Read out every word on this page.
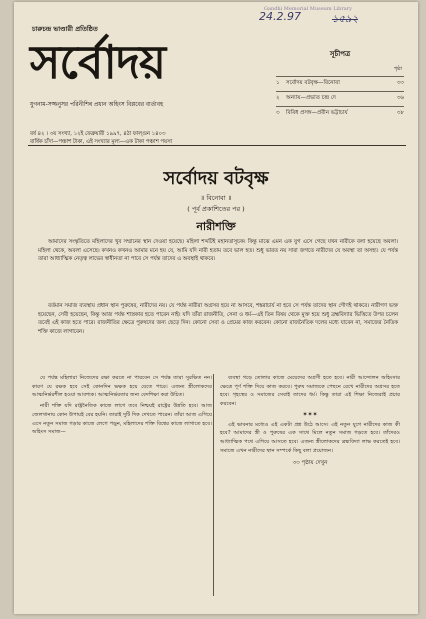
Gandhi Memorial Museum Library
24.2.97	১৫৯২
চারুচন্দ্র ভাণ্ডারী প্রতিষ্ঠিত
সর্বোদয়
যুগনাম-সজ্জনুসর পরিনীশিৰ প্রধান অহিংস বিপ্লবের বার্তাবহ
বর্ষ ৪২ । ৩য় সংখ্যা, ১২ই ফেব্রুয়ারী ১৯৯৭, ৪ঠা ফাল্গুন ১৪০৩
বার্ষিক চাঁদা—পঞ্চাশ টাকা, এই সংখ্যার মূল্য—এক টাকা পঞ্চাশ পয়সা
সূচীপত্র
পৃষ্ঠা
১	সর্বোদয় বটবৃক্ষ—বিনোবা	৩৩
২	অন্যায়—প্রভাত চন্দ্র দে	৩৬
৩	বিবিধ প্রসঙ্গ—প্রবীন ভট্টাচার্য	৩৮
সর্বোদয় বটবৃক্ষ
॥ বিনোবা ॥
( পূর্ব প্রকাশিতের পর )
নারীশক্তি
আমাদের সংস্কৃতিতে মহিলাদের খুব সম্মানের স্থান দেওয়া হয়েছে। মহিলা শব্দটিই মহানতাসূচক। কিন্তু মাঝে এমন এক যুগ এসে গেছে যখন নারীকে বলা হয়েছে অবলা। মহিলা থেকে, অবলা এসেছে। কখনও কখনও আমার মনে হয় যে, আমি যদি নারী হতাম তবে ভাল হত। শুধু ভারত নয় সারা জগতে নারীদের যে অবস্থা তা অসহ্য। যে পর্যন্ত তারা আধ্যাত্মিক নেতৃত্ব লাভের স্বাধীনতা না পাবে সে পর্যন্ত তাদের এ অবস্থাই থাকবে।
বর্তমান সমাজ ব্যবস্থায় প্রধান স্থান পুরুষের, নারীদের নয়। যে পর্যন্ত নারীরা অগ্রসর হয়ে না আসবে, শঙ্করাচার্য না হবে সে পর্যন্ত তাদের স্থান গৌণই থাকবে। নারীগণ ভক্ত হয়েছেন, সেবী হয়েছেন, কিন্তু আজ পর্যন্ত শাস্ত্রকার হতে পারেন নাই। যদি তাঁরা রাজনীতি, সেনা ও ধর্ম—এই তিন বিষয় থেকে মুক্ত হয়ে শুধু ব্রহ্মবিদ্যার ভিত্তিতে উপর চলেন তবেই এই কাজ হতে পারে। রাজনীতির ক্ষেত্রে পুরুষদের জন্য ছেড়ে দিন। কোনো সেবা ও প্রেমের কাজ করবেন। কোনো রাজনৈতিক দলের মধ্যে যাবেন না, সমাজের নৈতিক শক্তি কাজে লাগাবেন।

যে পর্যন্ত মহিলারা নিজেদের রক্ষা করতে না পারবেন সে পর্যন্ত তারা সুরক্ষিত নন। কারণ যে রক্ষক হবে সেই কোনদিন ভক্ষক হয়ে যেতে পারে। এজন্য স্ত্রীলোকদের আত্মনির্ভরশীল হওয়া আবশ্যক। আত্মনির্ভরতার জন্য বেদশিক্ষা করা উচিত।

নারী শক্তি যদি রাষ্ট্রনৈতিক কাজে লাগে তবে নিশ্চয়ই রাষ্ট্রের উন্নতি হবে। আজ জেলখানায় কোন উপায়ই বের হয়নি। তারাই দুটি দিক দেখতে পারেন। তাঁরা আজ এগিয়ে এসে নতুন সমাজ গড়ার কাজে লেগে পড়ুন, মহিলাদের শক্তি বিশ্বের কাজে লাগাতে হবে। অহিংস সমাজ—

ব্যবস্থা গড়ে তোলার কাজে মেয়েদের অগ্রণী হতে হবে। নারী আন্দোলন অহিংসার ক্ষেত্রে পূর্ণ শক্তি দিয়ে কাজ করবে। পুরুষ সমাজকে পেছনে রেখে নারীদের অগ্রসর হতে হবে। গৃহস্থের ও সমাজের সেবাই তাদের ধর্ম। কিন্তু তারা এই শিক্ষা নিজেরাই প্রচার করবেন।

✶✶✶

এই ভাবনার মধ্যেও এই একটা প্রশ্ন উঠে আসে। এই নতুন যুগে নারীদের কাজ কী হবে? আমাদের স্ত্রী ও পুরুষের এক সাথে মিলে নতুন সমাজ গড়তে হবে। তাঁদেরও আধ্যাত্মিক পথে এগিয়ে আসতে হবে। এজন্য স্ত্রীলোকদের ব্রহ্মবিদ্যা লাভ করতেই হবে। সমাজে এখন নারীদের স্থান সম্পর্কে কিছু বলা প্রয়োজন।

৩৩ পৃষ্ঠায় দেখুন
